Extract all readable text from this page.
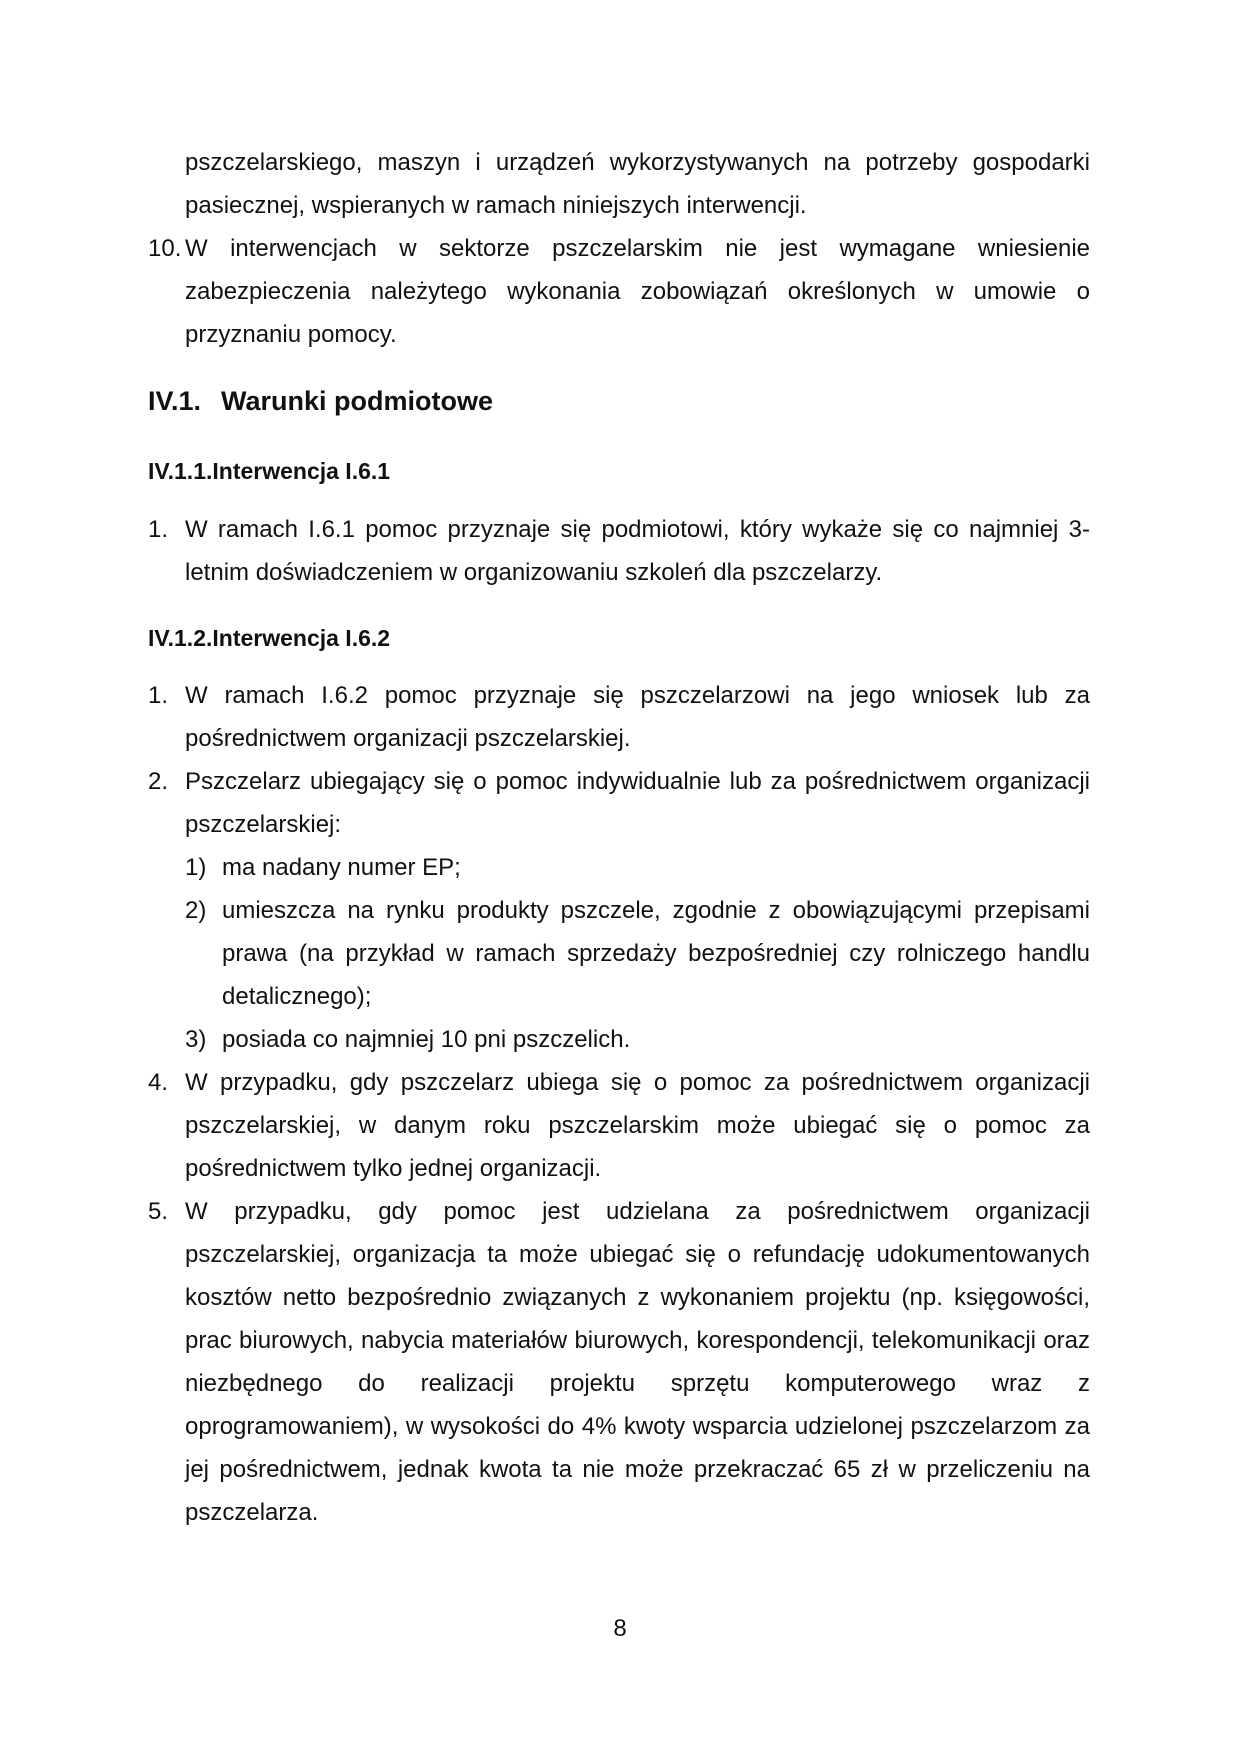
pszczelarskiego, maszyn i urządzeń wykorzystywanych na potrzeby gospodarki pasiecznej, wspieranych w ramach niniejszych interwencji.
10. W interwencjach w sektorze pszczelarskim nie jest wymagane wniesienie zabezpieczenia należytego wykonania zobowiązań określonych w umowie o przyznaniu pomocy.
IV.1. Warunki podmiotowe
IV.1.1.Interwencja I.6.1
1. W ramach I.6.1 pomoc przyznaje się podmiotowi, który wykaże się co najmniej 3-letnim doświadczeniem w organizowaniu szkoleń dla pszczelarzy.
IV.1.2.Interwencja I.6.2
1. W ramach I.6.2 pomoc przyznaje się pszczelarzowi na jego wniosek lub za pośrednictwem organizacji pszczelarskiej.
2. Pszczelarz ubiegający się o pomoc indywidualnie lub za pośrednictwem organizacji pszczelarskiej:
1) ma nadany numer EP;
2) umieszcza na rynku produkty pszczele, zgodnie z obowiązującymi przepisami prawa (na przykład w ramach sprzedaży bezpośredniej czy rolniczego handlu detalicznego);
3) posiada co najmniej 10 pni pszczelich.
4. W przypadku, gdy pszczelarz ubiega się o pomoc za pośrednictwem organizacji pszczelarskiej, w danym roku pszczelarskim może ubiegać się o pomoc za pośrednictwem tylko jednej organizacji.
5. W przypadku, gdy pomoc jest udzielana za pośrednictwem organizacji pszczelarskiej, organizacja ta może ubiegać się o refundację udokumentowanych kosztów netto bezpośrednio związanych z wykonaniem projektu (np. księgowości, prac biurowych, nabycia materiałów biurowych, korespondencji, telekomunikacji oraz niezbędnego do realizacji projektu sprzętu komputerowego wraz z oprogramowaniem), w wysokości do 4% kwoty wsparcia udzielonej pszczelarzom za jej pośrednictwem, jednak kwota ta nie może przekraczać 65 zł w przeliczeniu na pszczelarza.
8
